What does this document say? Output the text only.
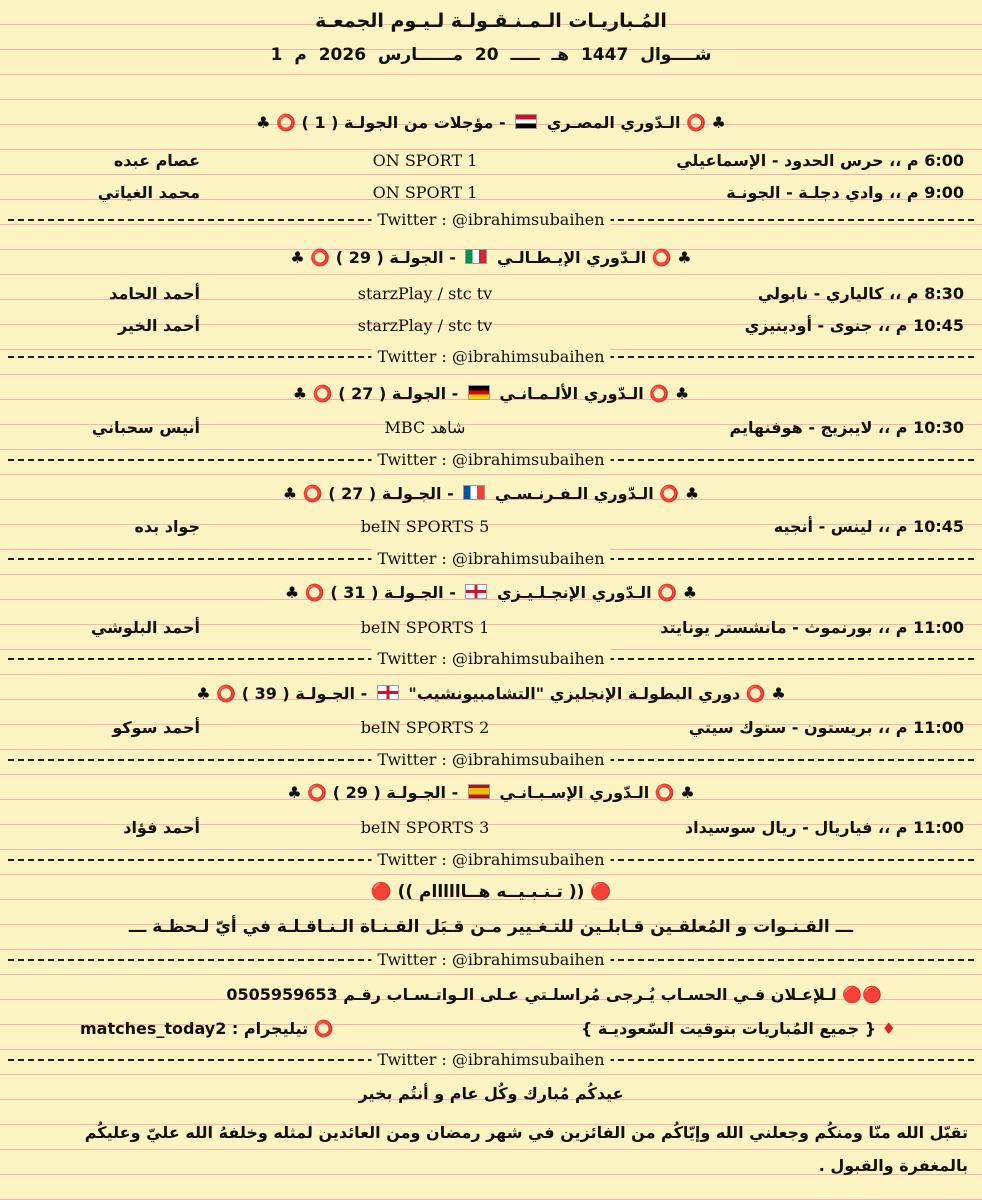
المُـباريـات الـمـنـقـولـة لـيـوم الجمعـة
1 شــــوال 1447 هـ ـــــ 20 مــــــارس 2026 م
♣ ⭕ الـدّوري المصـري  - مؤجلات من الجولـة ( 1 ) ⭕ ♣
6:00 م ،، حرس الحدود - الإسماعيلي
ON SPORT 1
عصام عبده
9:00 م ،، وادي دجلـة - الجونـة
ON SPORT 1
محمد الغياتي
Twitter : @ibrahimsubaihen
♣ ⭕ الـدّوري الإيـطـالـي  - الجولـة ( 29 ) ⭕ ♣
8:30 م ،، كالياري - نابولي
starzPlay / stc tv
أحمد الحامد
10:45 م ،، جنوى - أودينيزي
starzPlay / stc tv
أحمد الخير
Twitter : @ibrahimsubaihen
♣ ⭕ الـدّوري الألـمـانـي  - الجولـة ( 27 ) ⭕ ♣
10:30 م ،، لايبزيج - هوفنهايم
MBC شاهد
أنيس سحباني
Twitter : @ibrahimsubaihen
♣ ⭕ الـدّوري الـفـرنـسـي  - الجـولـة ( 27 ) ⭕ ♣
10:45 م ،، لينس - أنجيه
beIN SPORTS 5
جواد بده
Twitter : @ibrahimsubaihen
♣ ⭕ الـدّوري الإنجـلـيـزي  - الجـولـة ( 31 ) ⭕ ♣
11:00 م ،، بورنموث - مانشستر يونايتد
beIN SPORTS 1
أحمد البلوشي
Twitter : @ibrahimsubaihen
♣ ⭕ دوري البطولـة الإنجليزي "التشامبيونشيب"  - الجـولـة ( 39 ) ⭕ ♣
11:00 م ،، بريستون - ستوك سيتي
beIN SPORTS 2
أحمد سوكو
Twitter : @ibrahimsubaihen
♣ ⭕ الـدّوري الإسـبـانـي  - الجـولـة ( 29 ) ⭕ ♣
11:00 م ،، فياريال - ريال سوسيداد
beIN SPORTS 3
أحمد فؤاد
Twitter : @ibrahimsubaihen
🔴 (( تـنـبـيــه هــاااااام )) 🔴
ـــ القـنـوات و المُعلقـين قـابلـين للتـغـيير مـن قـبَل القـنـاة الـنـاقـلـة في أيّ لـحظـة ـــ
Twitter : @ibrahimsubaihen
🔴🔴 لـلإعـلان فـي الحسـاب يُـرجى مُراسلـتي عـلى الـواتـسـاب رقـم 0505959653
♦ { جميع المُباريات بتوقيت السّعوديـة }
⭕ تيليجرام : matches_today2
Twitter : @ibrahimsubaihen
عيدكُم مُبارك وكُل عام و أنتُم بخير
تقبّل الله منّا ومنكُم وجعلني الله وإيّاكُم من الفائزين في شهر رمضان ومن العائدين لمثله وخلفهُ الله عليّ وعليكُم بالمغفرة والقبول .
